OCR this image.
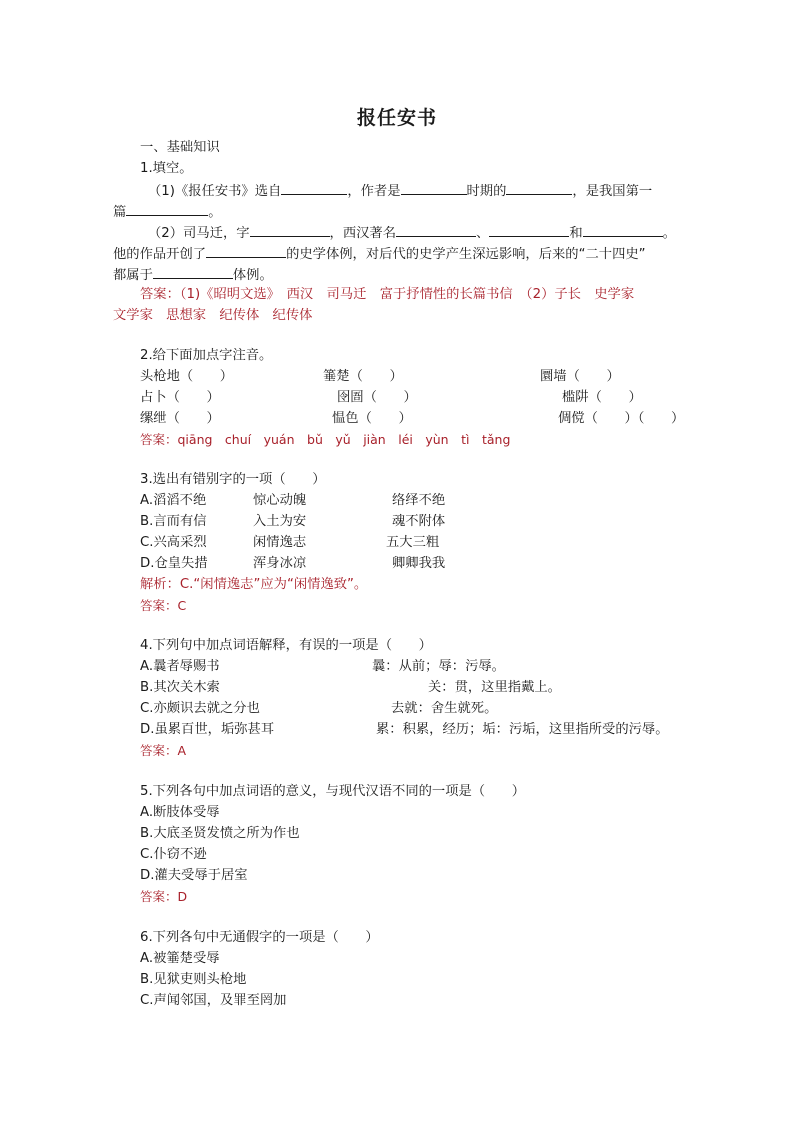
报任安书
一、基础知识
1.填空。
（1)《报任安书》选自	，作者是	时期的	，是我国第一
篇	。
（2）司马迁，字	，西汉著名	、	和	。
他的作品开创了	的史学体例，对后代的史学产生深远影响，后来的“二十四史”
都属于	体例。
答案：（1)《昭明文选》　西汉　司马迁　富于抒情性的长篇书信　（2）子长　史学家
文学家　思想家　纪传体　纪传体
2.给下面加点字注音。
头枪地（　　）	箠楚（　　）	圜墙（　　）
占卜（　　）	囹圄（　　）	槛阱（　　）
缧绁（　　）	愠色（　　）	倜傥（　　）（　　）
答案：qiāng　chuí　yuán　bǔ　yǔ　jiàn　léi　yùn　tì　tǎng
3.选出有错别字的一项（　　）
A.滔滔不绝	惊心动魄	络绎不绝
B.言而有信	入土为安	魂不附体
C.兴高采烈	闲情逸志	五大三粗
D.仓皇失措	浑身冰凉	卿卿我我
解析：C.“闲情逸志”应为“闲情逸致”。
答案：C
4.下列句中加点词语解释，有误的一项是（　　）
A.曩者辱赐书	曩：从前；辱：污辱。
B.其次关木索	关：贯，这里指戴上。
C.亦颇识去就之分也	去就：舍生就死。
D.虽累百世，垢弥甚耳	累：积累，经历；垢：污垢，这里指所受的污辱。
答案：A
5.下列各句中加点词语的意义，与现代汉语不同的一项是（　　）
A.断肢体受辱
B.大底圣贤发愤之所为作也
C.仆窃不逊
D.灌夫受辱于居室
答案：D
6.下列各句中无通假字的一项是（　　）
A.被箠楚受辱
B.见狱吏则头枪地
C.声闻邻国，及罪至罔加
